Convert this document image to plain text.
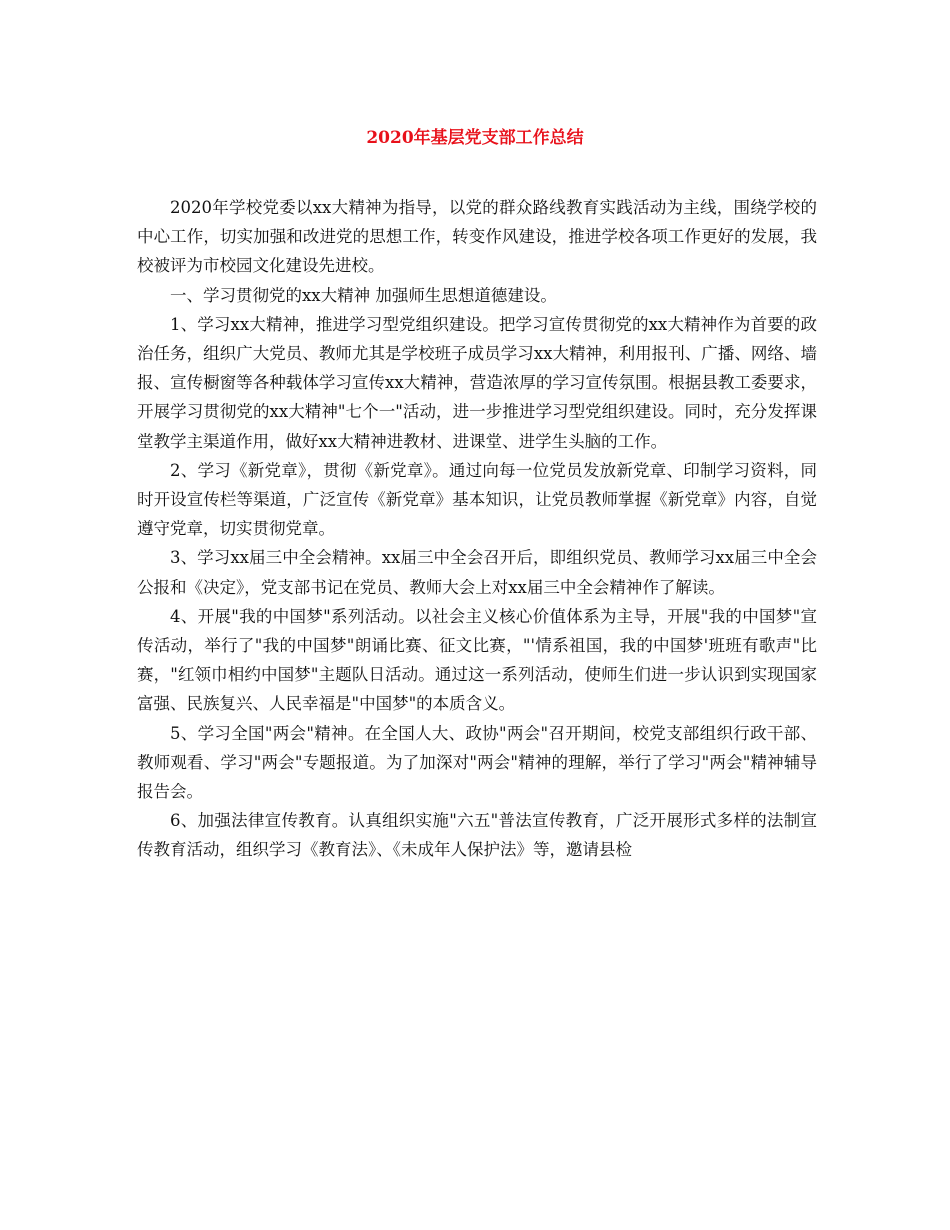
2020年基层党支部工作总结

2020年学校党委以xx大精神为指导，以党的群众路线教育实践活动为主线，围绕学校的中心工作，切实加强和改进党的思想工作，转变作风建设，推进学校各项工作更好的发展，我校被评为市校园文化建设先进校。

一、学习贯彻党的xx大精神 加强师生思想道德建设。

1、学习xx大精神，推进学习型党组织建设。把学习宣传贯彻党的xx大精神作为首要的政治任务，组织广大党员、教师尤其是学校班子成员学习xx大精神，利用报刊、广播、网络、墙报、宣传橱窗等各种载体学习宣传xx大精神，营造浓厚的学习宣传氛围。根据县教工委要求，开展学习贯彻党的xx大精神"七个一"活动，进一步推进学习型党组织建设。同时，充分发挥课堂教学主渠道作用，做好xx大精神进教材、进课堂、进学生头脑的工作。

2、学习《新党章》，贯彻《新党章》。通过向每一位党员发放新党章、印制学习资料，同时开设宣传栏等渠道，广泛宣传《新党章》基本知识，让党员教师掌握《新党章》内容，自觉遵守党章，切实贯彻党章。

3、学习xx届三中全会精神。xx届三中全会召开后，即组织党员、教师学习xx届三中全会公报和《决定》，党支部书记在党员、教师大会上对xx届三中全会精神作了解读。

4、开展"我的中国梦"系列活动。以社会主义核心价值体系为主导，开展"我的中国梦"宣传活动，举行了"我的中国梦"朗诵比赛、征文比赛，"'情系祖国，我的中国梦'班班有歌声"比赛，"红领巾相约中国梦"主题队日活动。通过这一系列活动，使师生们进一步认识到实现国家富强、民族复兴、人民幸福是"中国梦"的本质含义。

5、学习全国"两会"精神。在全国人大、政协"两会"召开期间，校党支部组织行政干部、教师观看、学习"两会"专题报道。为了加深对"两会"精神的理解，举行了学习"两会"精神辅导报告会。

6、加强法律宣传教育。认真组织实施"六五"普法宣传教育，广泛开展形式多样的法制宣传教育活动，组织学习《教育法》、《未成年人保护法》等，邀请县检
